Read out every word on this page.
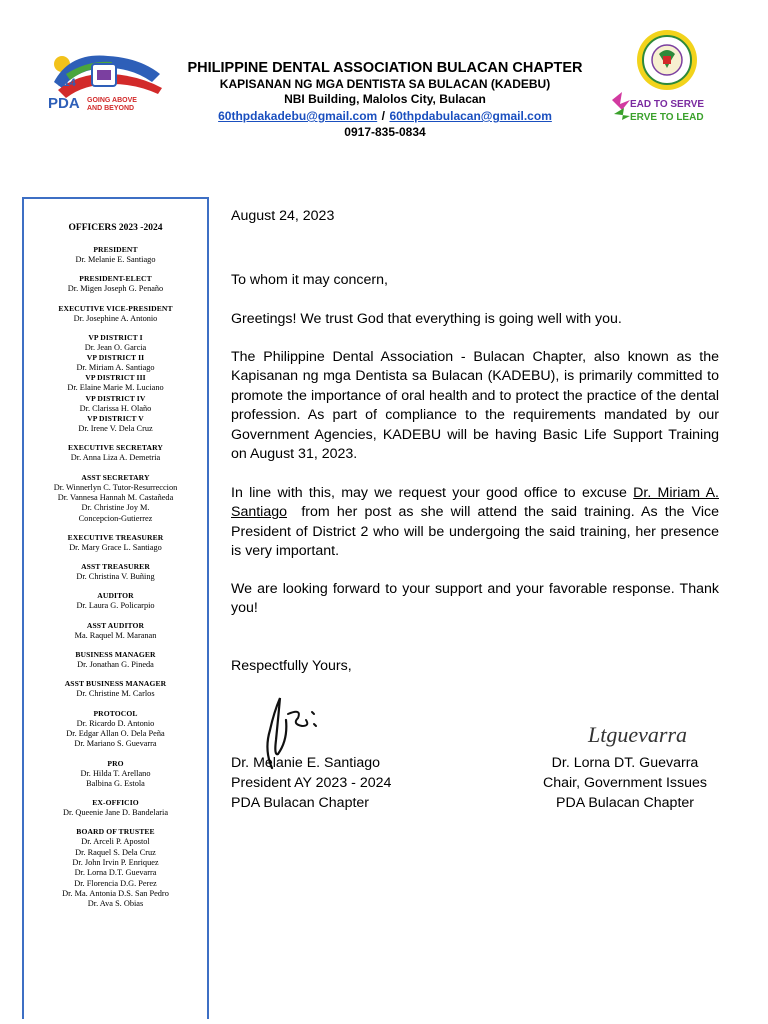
114
PDA GOING ABOVE
AND BEYOND
PHILIPPINE DENTAL ASSOCIATION BULACAN CHAPTER
KAPISANAN NG MGA DENTISTA SA BULACAN (KADEBU)
NBI Building, Malolos City, Bulacan
60thpdakadebu@gmail.com / 60thpdabulacan@gmail.com
0917-835-0834
EAD TO SERVE
ERVE TO LEAD
OFFICERS 2023 -2024
PRESIDENT
Dr. Melanie E. Santiago
PRESIDENT-ELECT
Dr. Migen Joseph G. Penaño
EXECUTIVE VICE-PRESIDENT
Dr. Josephine A. Antonio
VP DISTRICT I
Dr. Jean O. Garcia
VP DISTRICT II
Dr. Miriam A. Santiago
VP DISTRICT III
Dr. Elaine Marie M. Luciano
VP DISTRICT IV
Dr. Clarissa H. Olaño
VP DISTRICT V
Dr. Irene V. Dela Cruz
EXECUTIVE SECRETARY
Dr. Anna Liza A. Demetria
ASST SECRETARY
Dr. Winnerlyn C. Tutor-Resurreccion
Dr. Vannesa Hannah M. Castañeda
Dr. Christine Joy M.
Concepcion-Gutierrez
EXECUTIVE TREASURER
Dr. Mary Grace L. Santiago
ASST TREASURER
Dr. Christina V. Buñing
AUDITOR
Dr. Laura G. Policarpio
ASST AUDITOR
Ma. Raquel M. Maranan
BUSINESS MANAGER
Dr. Jonathan G. Pineda
ASST BUSINESS MANAGER
Dr. Christine M. Carlos
PROTOCOL
Dr. Ricardo D. Antonio
Dr. Edgar Allan O. Dela Peña
Dr. Mariano S. Guevarra
PRO
Dr. Hilda T. Arellano
Balbina G. Estola
EX-OFFICIO
Dr. Queenie Jane D. Bandelaria
BOARD OF TRUSTEE
Dr. Arceli P. Apostol
Dr. Raquel S. Dela Cruz
Dr. John Irvin P. Enriquez
Dr. Lorna D.T. Guevarra
Dr. Florencia D.G. Perez
Dr. Ma. Antonia D.S. San Pedro
Dr. Ava S. Obias
August 24, 2023
To whom it may concern,
Greetings! We trust God that everything is going well with you.
The Philippine Dental Association - Bulacan Chapter, also known as the Kapisanan ng mga Dentista sa Bulacan (KADEBU), is primarily committed to promote the importance of oral health and to protect the practice of the dental profession. As part of compliance to the requirements mandated by our Government Agencies, KADEBU will be having Basic Life Support Training on August 31, 2023.
In line with this, may we request your good office to excuse Dr. Miriam A. Santiago  from her post as she will attend the said training. As the Vice President of District 2 who will be undergoing the said training, her presence is very important.
We are looking forward to your support and your favorable response. Thank you!
Respectfully Yours,
Ltguevarra
Dr. Melanie E. Santiago
President AY 2023 - 2024
PDA Bulacan Chapter
Dr. Lorna DT. Guevarra
Chair, Government Issues
PDA Bulacan Chapter
